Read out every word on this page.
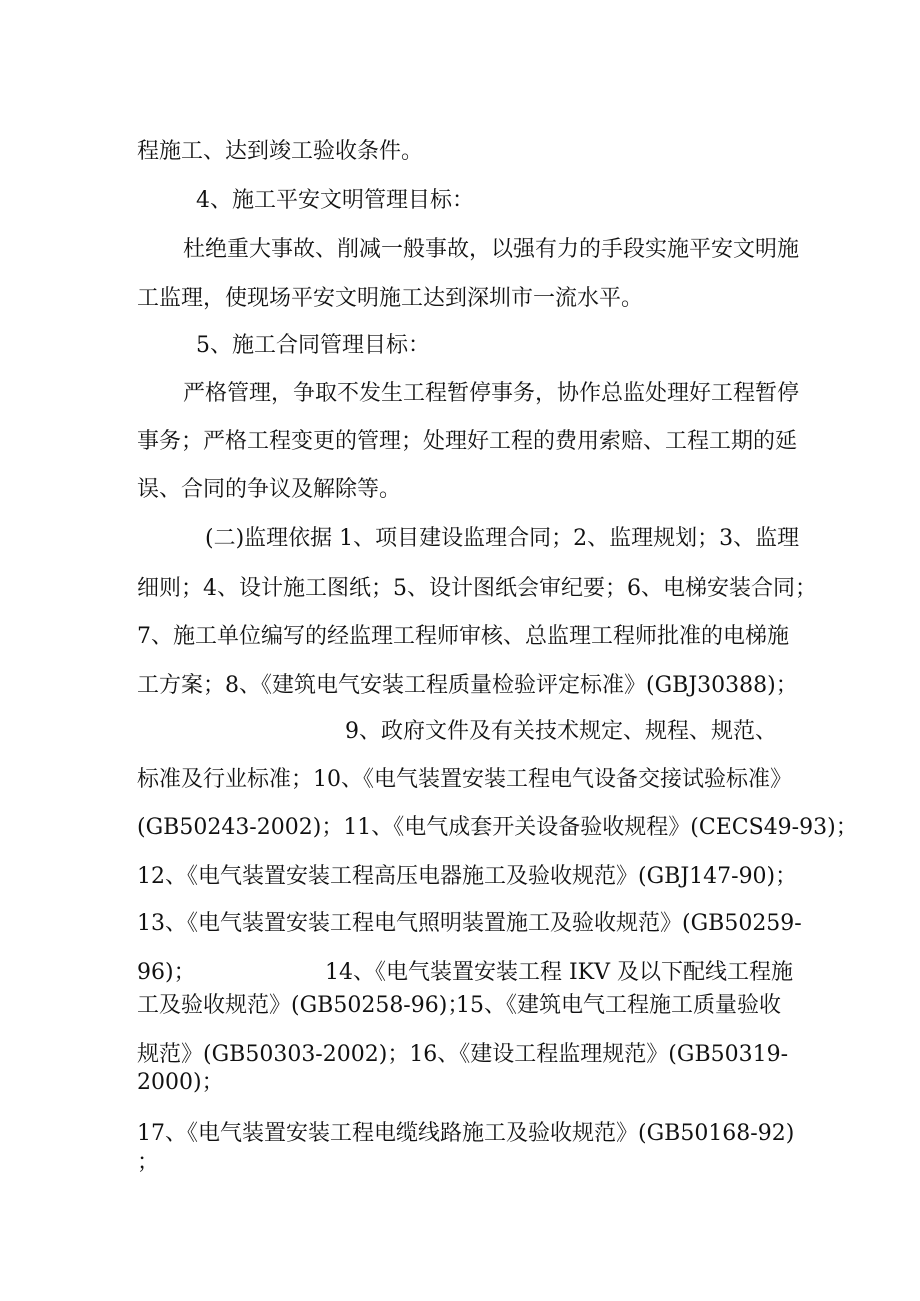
程施工、达到竣工验收条件。
4、施工平安文明管理目标：
杜绝重大事故、削减一般事故，以强有力的手段实施平安文明施
工监理，使现场平安文明施工达到深圳市一流水平。
5、施工合同管理目标：
严格管理，争取不发生工程暂停事务，协作总监处理好工程暂停
事务；严格工程变更的管理；处理好工程的费用索赔、工程工期的延
误、合同的争议及解除等。
(二)监理依据 1、项目建设监理合同；2、监理规划；3、监理
细则；4、设计施工图纸；5、设计图纸会审纪要；6、电梯安装合同；
7、施工单位编写的经监理工程师审核、总监理工程师批准的电梯施
工方案；8、《建筑电气安装工程质量检验评定标准》(GBJ30388)；
9、政府文件及有关技术规定、规程、规范、
标准及行业标准；10、《电气装置安装工程电气设备交接试验标准》
(GB50243-2002)；11、《电气成套开关设备验收规程》(CECS49-93)；
12、《电气装置安装工程高压电器施工及验收规范》(GBJ147-90)；
13、《电气装置安装工程电气照明装置施工及验收规范》(GB50259-
96)；	14、《电气装置安装工程 IKV 及以下配线工程施
工及验收规范》(GB50258-96)；
15、《建筑电气工程施工质量验收
规范》(GB50303-2002)；16、《建设工程监理规范》(GB50319-
2000)；
17、《电气装置安装工程电缆线路施工及验收规范》(GB50168-92)
；
